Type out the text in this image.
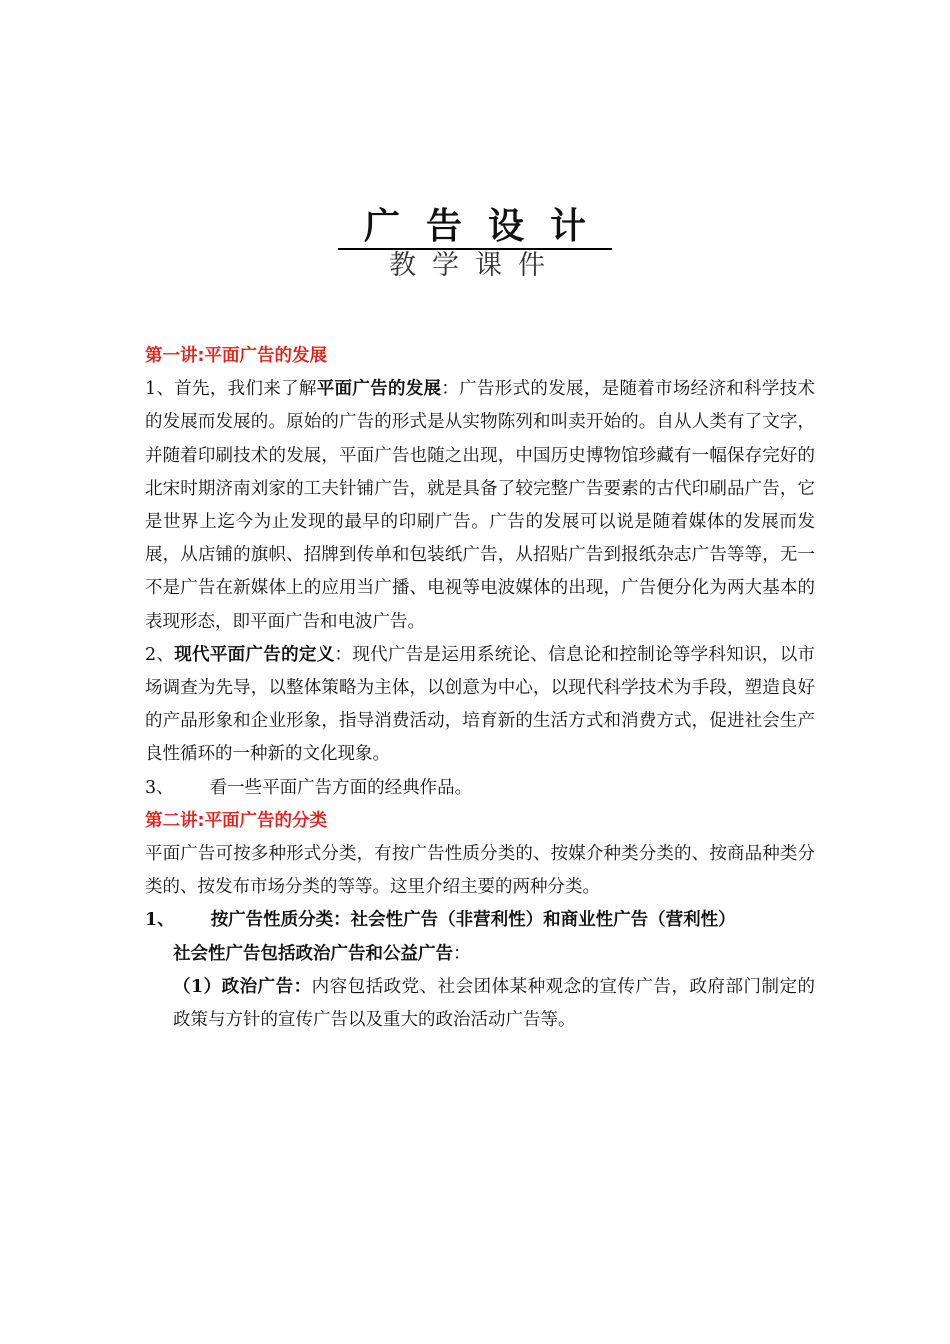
广告设计
教学课件

第一讲:平面广告的发展

1、首先，我们来了解平面广告的发展：广告形式的发展，是随着市场经济和科学技术的发展而发展的。原始的广告的形式是从实物陈列和叫卖开始的。自从人类有了文字，并随着印刷技术的发展，平面广告也随之出现，中国历史博物馆珍藏有一幅保存完好的北宋时期济南刘家的工夫针铺广告，就是具备了较完整广告要素的古代印刷品广告，它是世界上迄今为止发现的最早的印刷广告。广告的发展可以说是随着媒体的发展而发展，从店铺的旗帜、招牌到传单和包装纸广告，从招贴广告到报纸杂志广告等等，无一不是广告在新媒体上的应用当广播、电视等电波媒体的出现，广告便分化为两大基本的表现形态，即平面广告和电波广告。

2、现代平面广告的定义：现代广告是运用系统论、信息论和控制论等学科知识，以市场调查为先导，以整体策略为主体，以创意为中心，以现代科学技术为手段，塑造良好的产品形象和企业形象，指导消费活动，培育新的生活方式和消费方式，促进社会生产良性循环的一种新的文化现象。

3、 看一些平面广告方面的经典作品。

第二讲:平面广告的分类

平面广告可按多种形式分类，有按广告性质分类的、按媒介种类分类的、按商品种类分类的、按发布市场分类的等等。这里介绍主要的两种分类。

1、 按广告性质分类：社会性广告（非营利性）和商业性广告（营利性）

社会性广告包括政治广告和公益广告：

（1）政治广告：内容包括政党、社会团体某种观念的宣传广告，政府部门制定的政策与方针的宣传广告以及重大的政治活动广告等。
